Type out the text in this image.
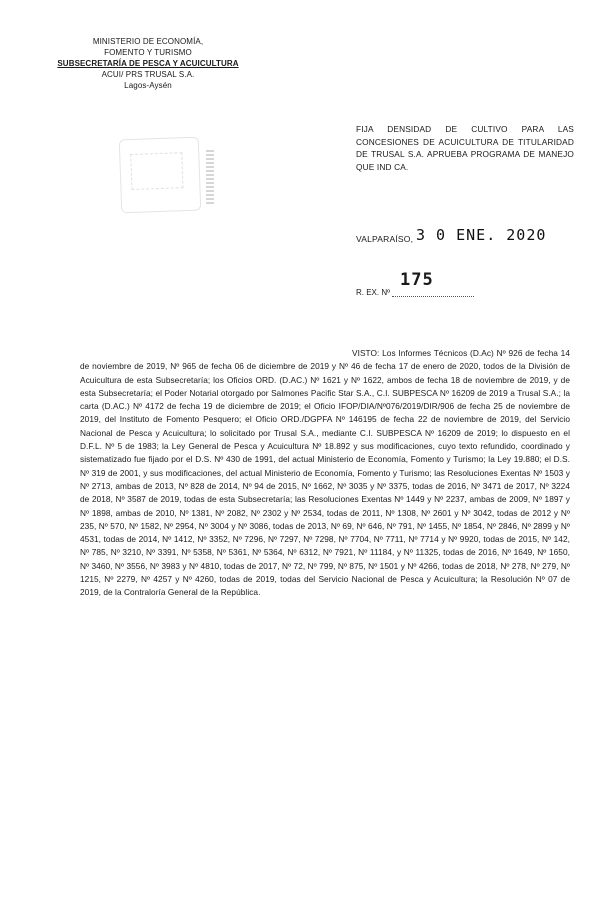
MINISTERIO DE ECONOMÍA,
FOMENTO Y TURISMO
SUBSECRETARÍA DE PESCA Y ACUICULTURA
ACUI/ PRS TRUSAL S.A.
Lagos-Aysén
FIJA DENSIDAD DE CULTIVO PARA LAS CONCESIONES DE ACUICULTURA DE TITULARIDAD DE TRUSAL S.A. APRUEBA PROGRAMA DE MANEJO QUE IND CA.
VALPARAÍSO, 3 0 ENE. 2020
R. EX. Nº
175
VISTO: Los Informes Técnicos (D.Ac) Nº 926 de fecha 14 de noviembre de 2019, Nº 965 de fecha 06 de diciembre de 2019 y Nº 46 de fecha 17 de enero de 2020, todos de la División de Acuicultura de esta Subsecretaría; los Oficios ORD. (D.AC.) Nº 1621 y Nº 1622, ambos de fecha 18 de noviembre de 2019, y de esta Subsecretaría; el Poder Notarial otorgado por Salmones Pacific Star S.A., C.I. SUBPESCA Nº 16209 de 2019 a Trusal S.A.; la carta (D.AC.) Nº 4172 de fecha 19 de diciembre de 2019; el Oficio IFOP/DIA/Nº076/2019/DIR/906 de fecha 25 de noviembre de 2019, del Instituto de Fomento Pesquero; el Oficio ORD./DGPFA Nº 146195 de fecha 22 de noviembre de 2019, del Servicio Nacional de Pesca y Acuicultura; lo solicitado por Trusal S.A., mediante C.I. SUBPESCA Nº 16209 de 2019; lo dispuesto en el D.F.L. Nº 5 de 1983; la Ley General de Pesca y Acuicultura Nº 18.892 y sus modificaciones, cuyo texto refundido, coordinado y sistematizado fue fijado por el D.S. Nº 430 de 1991, del actual Ministerio de Economía, Fomento y Turismo; la Ley 19.880; el D.S. Nº 319 de 2001, y sus modificaciones, del actual Ministerio de Economía, Fomento y Turismo; las Resoluciones Exentas Nº 1503 y Nº 2713, ambas de 2013, Nº 828 de 2014, Nº 94 de 2015, Nº 1662, Nº 3035 y Nº 3375, todas de 2016, Nº 3471 de 2017, Nº 3224 de 2018, Nº 3587 de 2019, todas de esta Subsecretaría; las Resoluciones Exentas Nº 1449 y Nº 2237, ambas de 2009, Nº 1897 y Nº 1898, ambas de 2010, Nº 1381, Nº 2082, Nº 2302 y Nº 2534, todas de 2011, Nº 1308, Nº 2601 y Nº 3042, todas de 2012 y Nº 235, Nº 570, Nº 1582, Nº 2954, Nº 3004 y Nº 3086, todas de 2013, Nº 69, Nº 646, Nº 791, Nº 1455, Nº 1854, Nº 2846, Nº 2899 y Nº 4531, todas de 2014, Nº 1412, Nº 3352, Nº 7296, Nº 7297, Nº 7298, Nº 7704, Nº 7711, Nº 7714 y Nº 9920, todas de 2015, Nº 142, Nº 785, Nº 3210, Nº 3391, Nº 5358, Nº 5361, Nº 5364, Nº 6312, Nº 7921, Nº 11184, y Nº 11325, todas de 2016, Nº 1649, Nº 1650, Nº 3460, Nº 3556, Nº 3983 y Nº 4810, todas de 2017, Nº 72, Nº 799, Nº 875, Nº 1501 y Nº 4266, todas de 2018, Nº 278, Nº 279, Nº 1215, Nº 2279, Nº 4257 y Nº 4260, todas de 2019, todas del Servicio Nacional de Pesca y Acuicultura; la Resolución Nº 07 de 2019, de la Contraloría General de la República.
